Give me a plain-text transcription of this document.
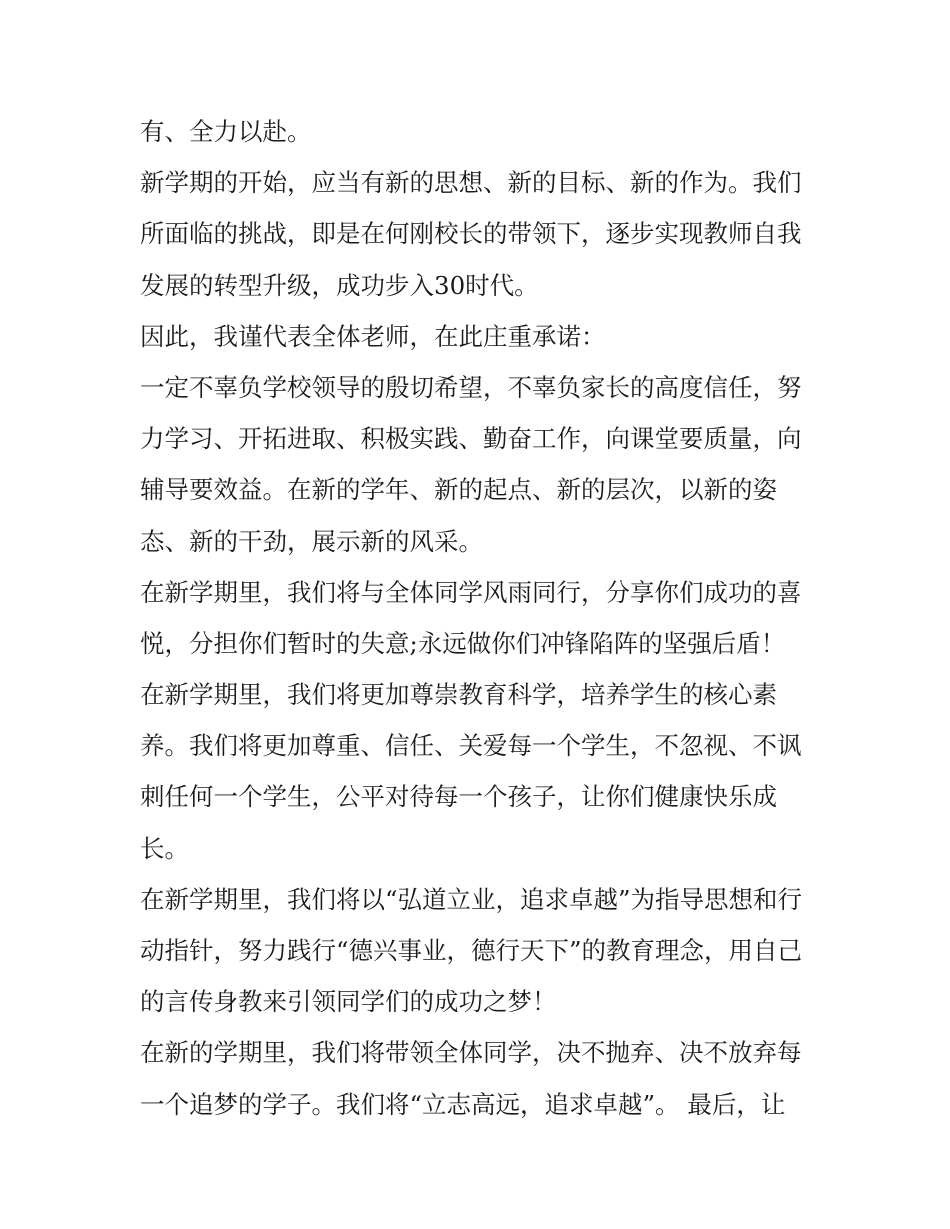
有、全力以赴。
新学期的开始，应当有新的思想、新的目标、新的作为。我们
所面临的挑战，即是在何刚校长的带领下，逐步实现教师自我
发展的转型升级，成功步入30时代。
因此，我谨代表全体老师，在此庄重承诺：
一定不辜负学校领导的殷切希望，不辜负家长的高度信任，努
力学习、开拓进取、积极实践、勤奋工作，向课堂要质量，向
辅导要效益。在新的学年、新的起点、新的层次，以新的姿
态、新的干劲，展示新的风采。
在新学期里，我们将与全体同学风雨同行，分享你们成功的喜
悦，分担你们暂时的失意;永远做你们冲锋陷阵的坚强后盾！
在新学期里，我们将更加尊崇教育科学，培养学生的核心素
养。我们将更加尊重、信任、关爱每一个学生，不忽视、不讽
刺任何一个学生，公平对待每一个孩子，让你们健康快乐成
长。
在新学期里，我们将以“弘道立业，追求卓越”为指导思想和行
动指针，努力践行“德兴事业，德行天下”的教育理念，用自己
的言传身教来引领同学们的成功之梦！
在新的学期里，我们将带领全体同学，决不抛弃、决不放弃每
一个追梦的学子。我们将“立志高远，追求卓越”。 最后，让
